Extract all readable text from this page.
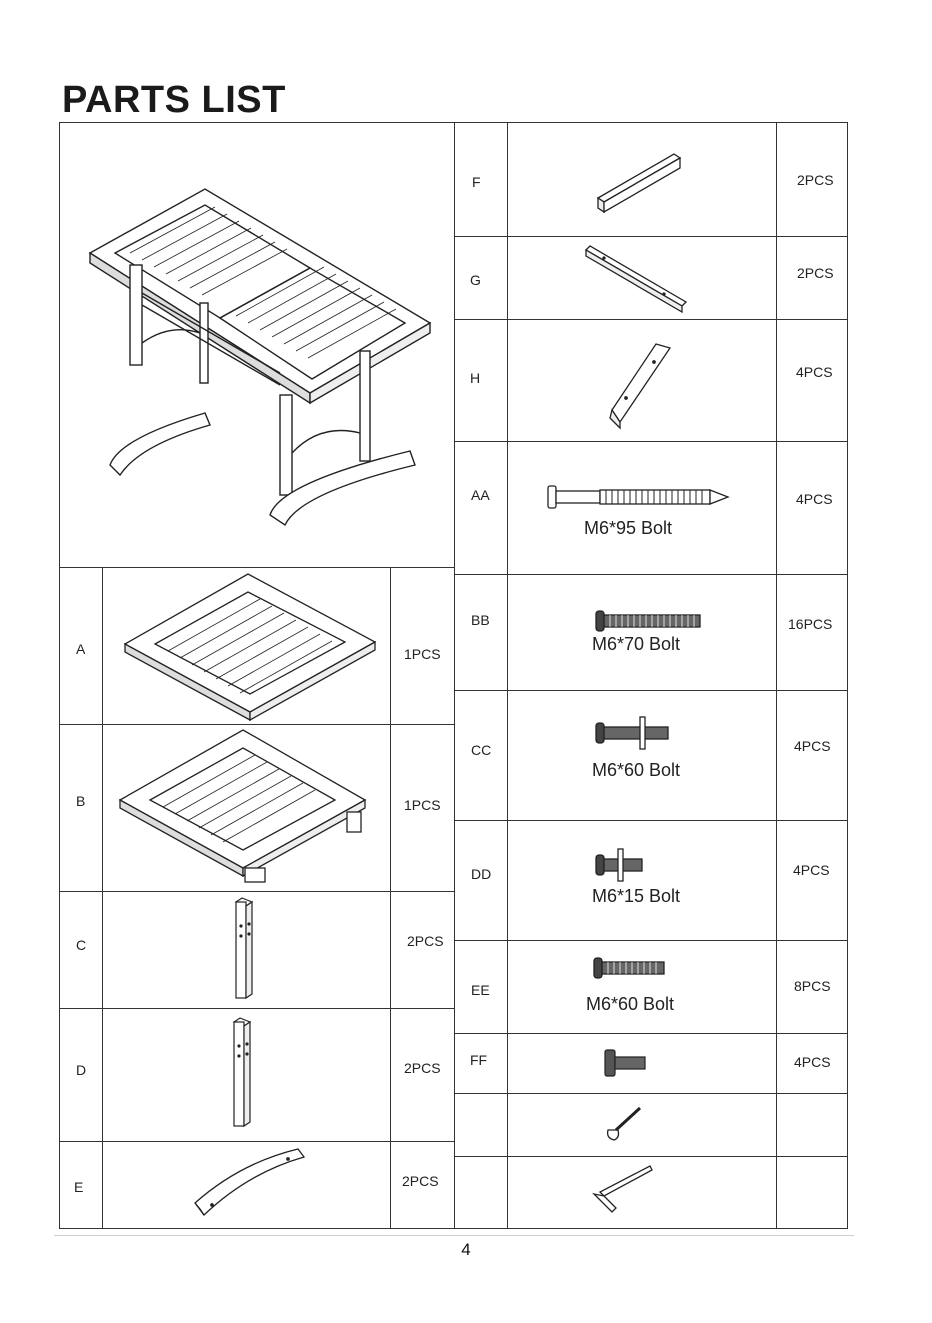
PARTS LIST
A	1PCS
B	1PCS
C	2PCS
D	2PCS
E	2PCS
F	2PCS
G	2PCS
H	4PCS
AA	4PCS
M6*95 Bolt
BB	16PCS
M6*70 Bolt
CC	4PCS
M6*60 Bolt
DD	4PCS
M6*15 Bolt
EE	8PCS
M6*60 Bolt
FF	4PCS
4
